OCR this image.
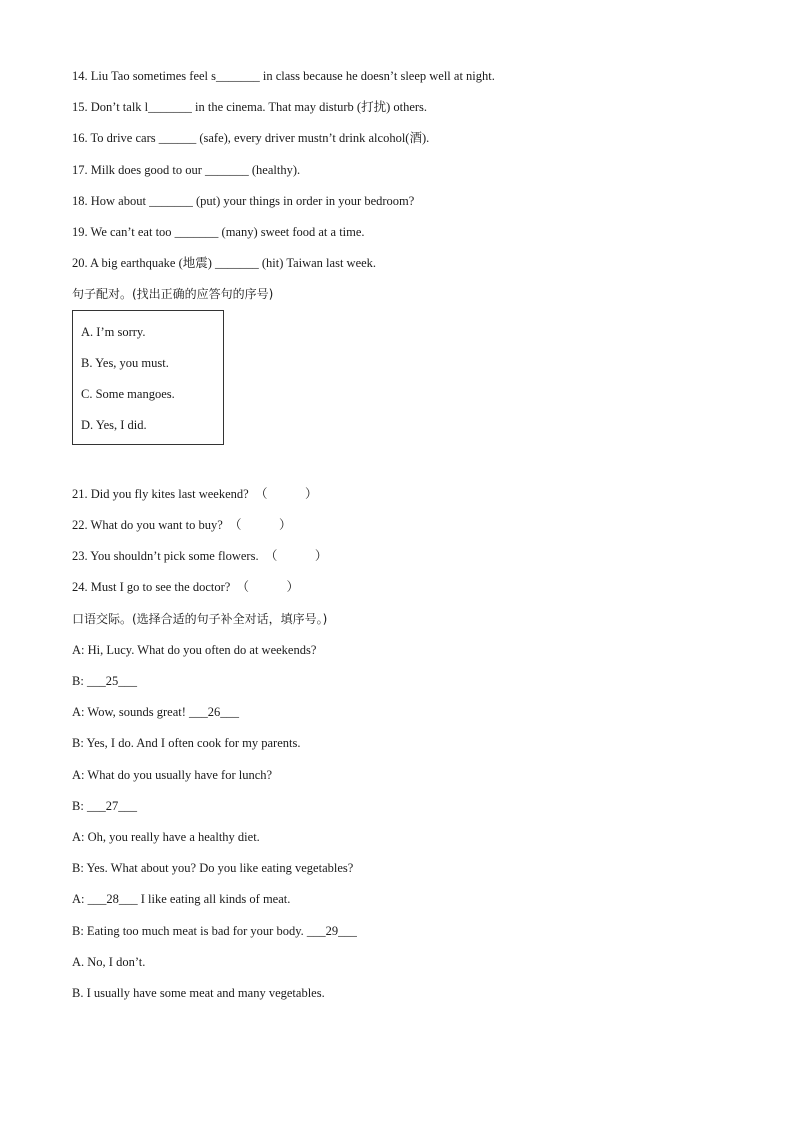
14. Liu Tao sometimes feel s_______ in class because he doesn’t sleep well at night.
15. Don’t talk l_______ in the cinema. That may disturb (打扰) others.
16. To drive cars ______ (safe), every driver mustn’t drink alcohol(酒).
17. Milk does good to our _______ (healthy).
18. How about _______ (put) your things in order in your bedroom?
19. We can’t eat too _______ (many) sweet food at a time.
20. A big earthquake (地震) _______ (hit) Taiwan last week.
句子配对。(找出正确的应答句的序号)
A. I’m sorry.
B. Yes, you must.
C. Some mangoes.
D. Yes, I did.
21. Did you fly kites last weekend?  （            ）
22. What do you want to buy?  （            ）
23. You shouldn’t pick some flowers.  （            ）
24. Must I go to see the doctor?  （            ）
口语交际。(选择合适的句子补全对话，填序号。)
A: Hi, Lucy. What do you often do at weekends?
B: ___25___
A: Wow, sounds great! ___26___
B: Yes, I do. And I often cook for my parents.
A: What do you usually have for lunch?
B: ___27___
A: Oh, you really have a healthy diet.
B: Yes. What about you? Do you like eating vegetables?
A: ___28___ I like eating all kinds of meat.
B: Eating too much meat is bad for your body. ___29___
A. No, I don’t.
B. I usually have some meat and many vegetables.
